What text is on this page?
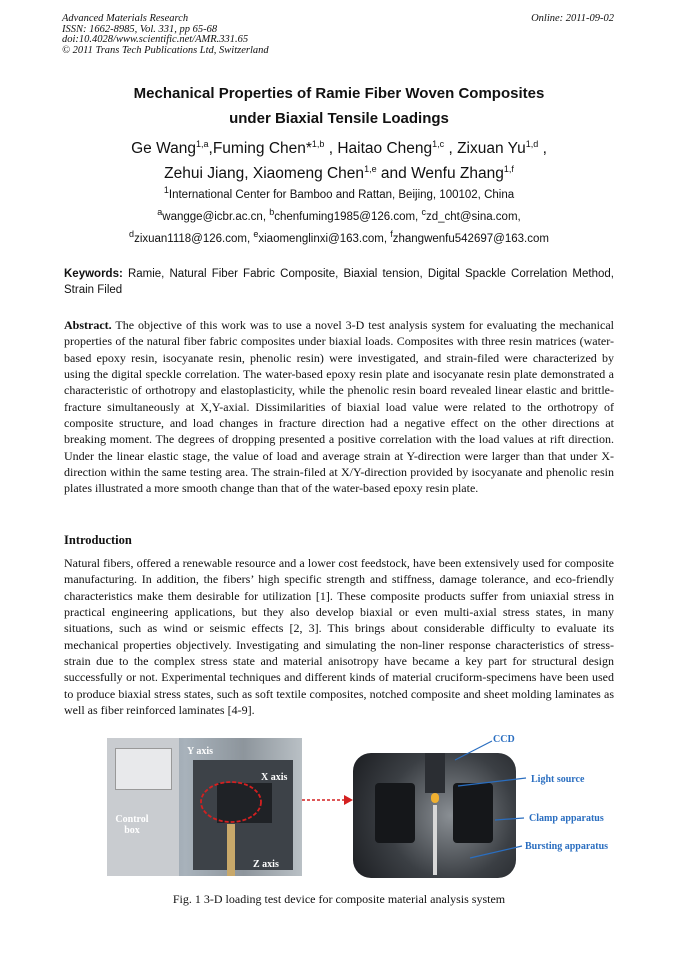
Advanced Materials Research
ISSN: 1662-8985, Vol. 331, pp 65-68
doi:10.4028/www.scientific.net/AMR.331.65
© 2011 Trans Tech Publications Ltd, Switzerland
Online: 2011-09-02
Mechanical Properties of Ramie Fiber Woven Composites
under Biaxial Tensile Loadings
Ge Wang$^{1,a}$,Fuming Chen*$^{1,b}$ , Haitao Cheng$^{1,c}$ , Zixuan Yu$^{1,d}$ ,
Zehui Jiang, Xiaomeng Chen$^{1,e}$ and Wenfu Zhang$^{1,f}$
$^1$International Center for Bamboo and Rattan, Beijing, 100102, China
$^a$wangge@icbr.ac.cn, $^b$chenfuming1985@126.com, $^c$zd_cht@sina.com,
$^d$zixuan1118@126.com, $^e$xiaomenglinxi@163.com, $^f$zhangwenfu542697@163.com
Keywords: Ramie, Natural Fiber Fabric Composite, Biaxial tension, Digital Spackle Correlation Method, Strain Filed
Abstract. The objective of this work was to use a novel 3-D test analysis system for evaluating the mechanical properties of the natural fiber fabric composites under biaxial loads. Composites with three resin matrices (water-based epoxy resin, isocyanate resin, phenolic resin) were investigated, and strain-filed were characterized by using the digital speckle correlation. The water-based epoxy resin plate and isocyanate resin plate demonstrated a characteristic of orthotropy and elastoplasticity, while the phenolic resin board revealed linear elastic and brittle-fracture simultaneously at X,Y-axial. Dissimilarities of biaxial load value were related to the orthotropy of composite structure, and load changes in fracture direction had a negative effect on the other directions at breaking moment. The degrees of dropping presented a positive correlation with the load values at rift direction. Under the linear elastic stage, the value of load and average strain at Y-direction were larger than that under X-direction within the same testing area. The strain-filed at X/Y-direction provided by isocyanate and phenolic resin plates illustrated a more smooth change than that of the water-based epoxy resin plate.
Introduction
Natural fibers, offered a renewable resource and a lower cost feedstock, have been extensively used for composite manufacturing. In addition, the fibers’ high specific strength and stiffness, damage tolerance, and eco-friendly characteristics make them desirable for utilization [1]. These composite products suffer from uniaxial stress in practical engineering applications, but they also develop biaxial or even multi-axial stress states, in many situations, such as wind or seismic effects [2, 3]. This brings about considerable difficulty to evaluate its mechanical properties objectively. Investigating and simulating the non-liner response characteristics of stress-strain due to the complex stress state and material anisotropy have became a key part for structural design successfully or not. Experimental techniques and different kinds of material cruciform-specimens have been used to produce biaxial stress states, such as soft textile composites, notched composite and sheet molding laminates as well as fiber reinforced laminates [4-9].
Y axis
X axis
Control
box
Z axis
CCD
Light source
Clamp apparatus
Bursting apparatus
Fig. 1 3-D loading test device for composite material analysis system
